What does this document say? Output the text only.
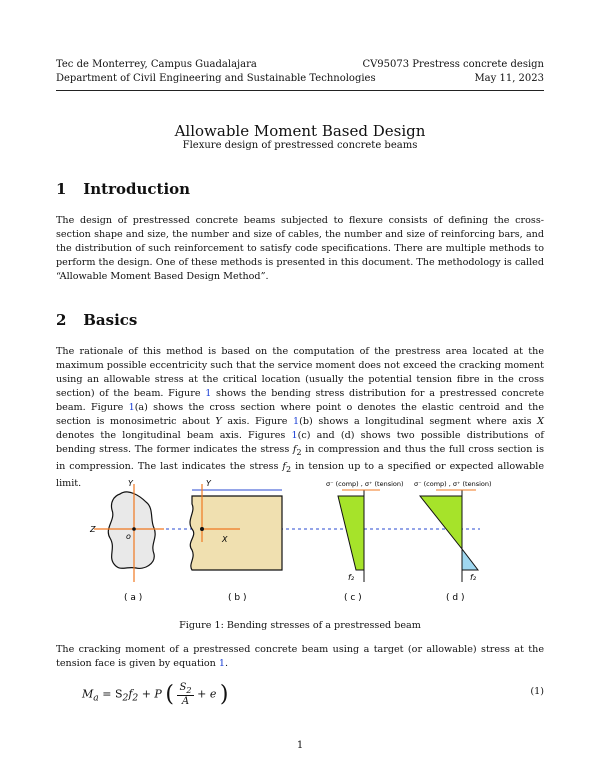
Tec de Monterrey, Campus Guadalajara
Department of Civil Engineering and Sustainable Technologies
CV95073 Prestress concrete design
May 11, 2023
Allowable Moment Based Design
Flexure design of prestressed concrete beams
1 Introduction
The design of prestressed concrete beams subjected to flexure consists of defining the cross-section shape and size, the number and size of cables, the number and size of reinforcing bars, and the distribution of such reinforcement to satisfy code specifications. There are multiple methods to perform the design. One of these methods is presented in this document. The methodology is called “Allowable Moment Based Design Method”.
2 Basics
The rationale of this method is based on the computation of the prestress area located at the maximum possible eccentricity such that the service moment does not exceed the cracking moment using an allowable stress at the critical location (usually the potential tension fibre in the cross section) of the beam. Figure 1 shows the bending stress distribution for a prestressed concrete beam. Figure 1(a) shows the cross section where point o denotes the elastic centroid and the section is monosimetric about Y axis. Figure 1(b) shows a longitudinal segment where axis X denotes the longitudinal beam axis. Figures 1(c) and (d) shows two possible distributions of bending stress. The former indicates the stress $f_2$ in compression and thus the full cross section is in compression. The last indicates the stress $f_2$ in tension up to a specified or expected allowable limit.	Y
Z
o
Y
X
σ⁻ (comp) , σ⁺ (tension)
f₂
σ⁻ (comp) , σ⁺ (tension)
f₂
( a )	( b )	( c )	( d )
Figure 1: Bending stresses of a prestressed beam
The cracking moment of a prestressed concrete beam using a target (or allowable) stress at the tension face is given by equation 1.
$M_a = S_2f_2 + P$ ( $\frac{S_2}{A} + e$ )	(1)
1
